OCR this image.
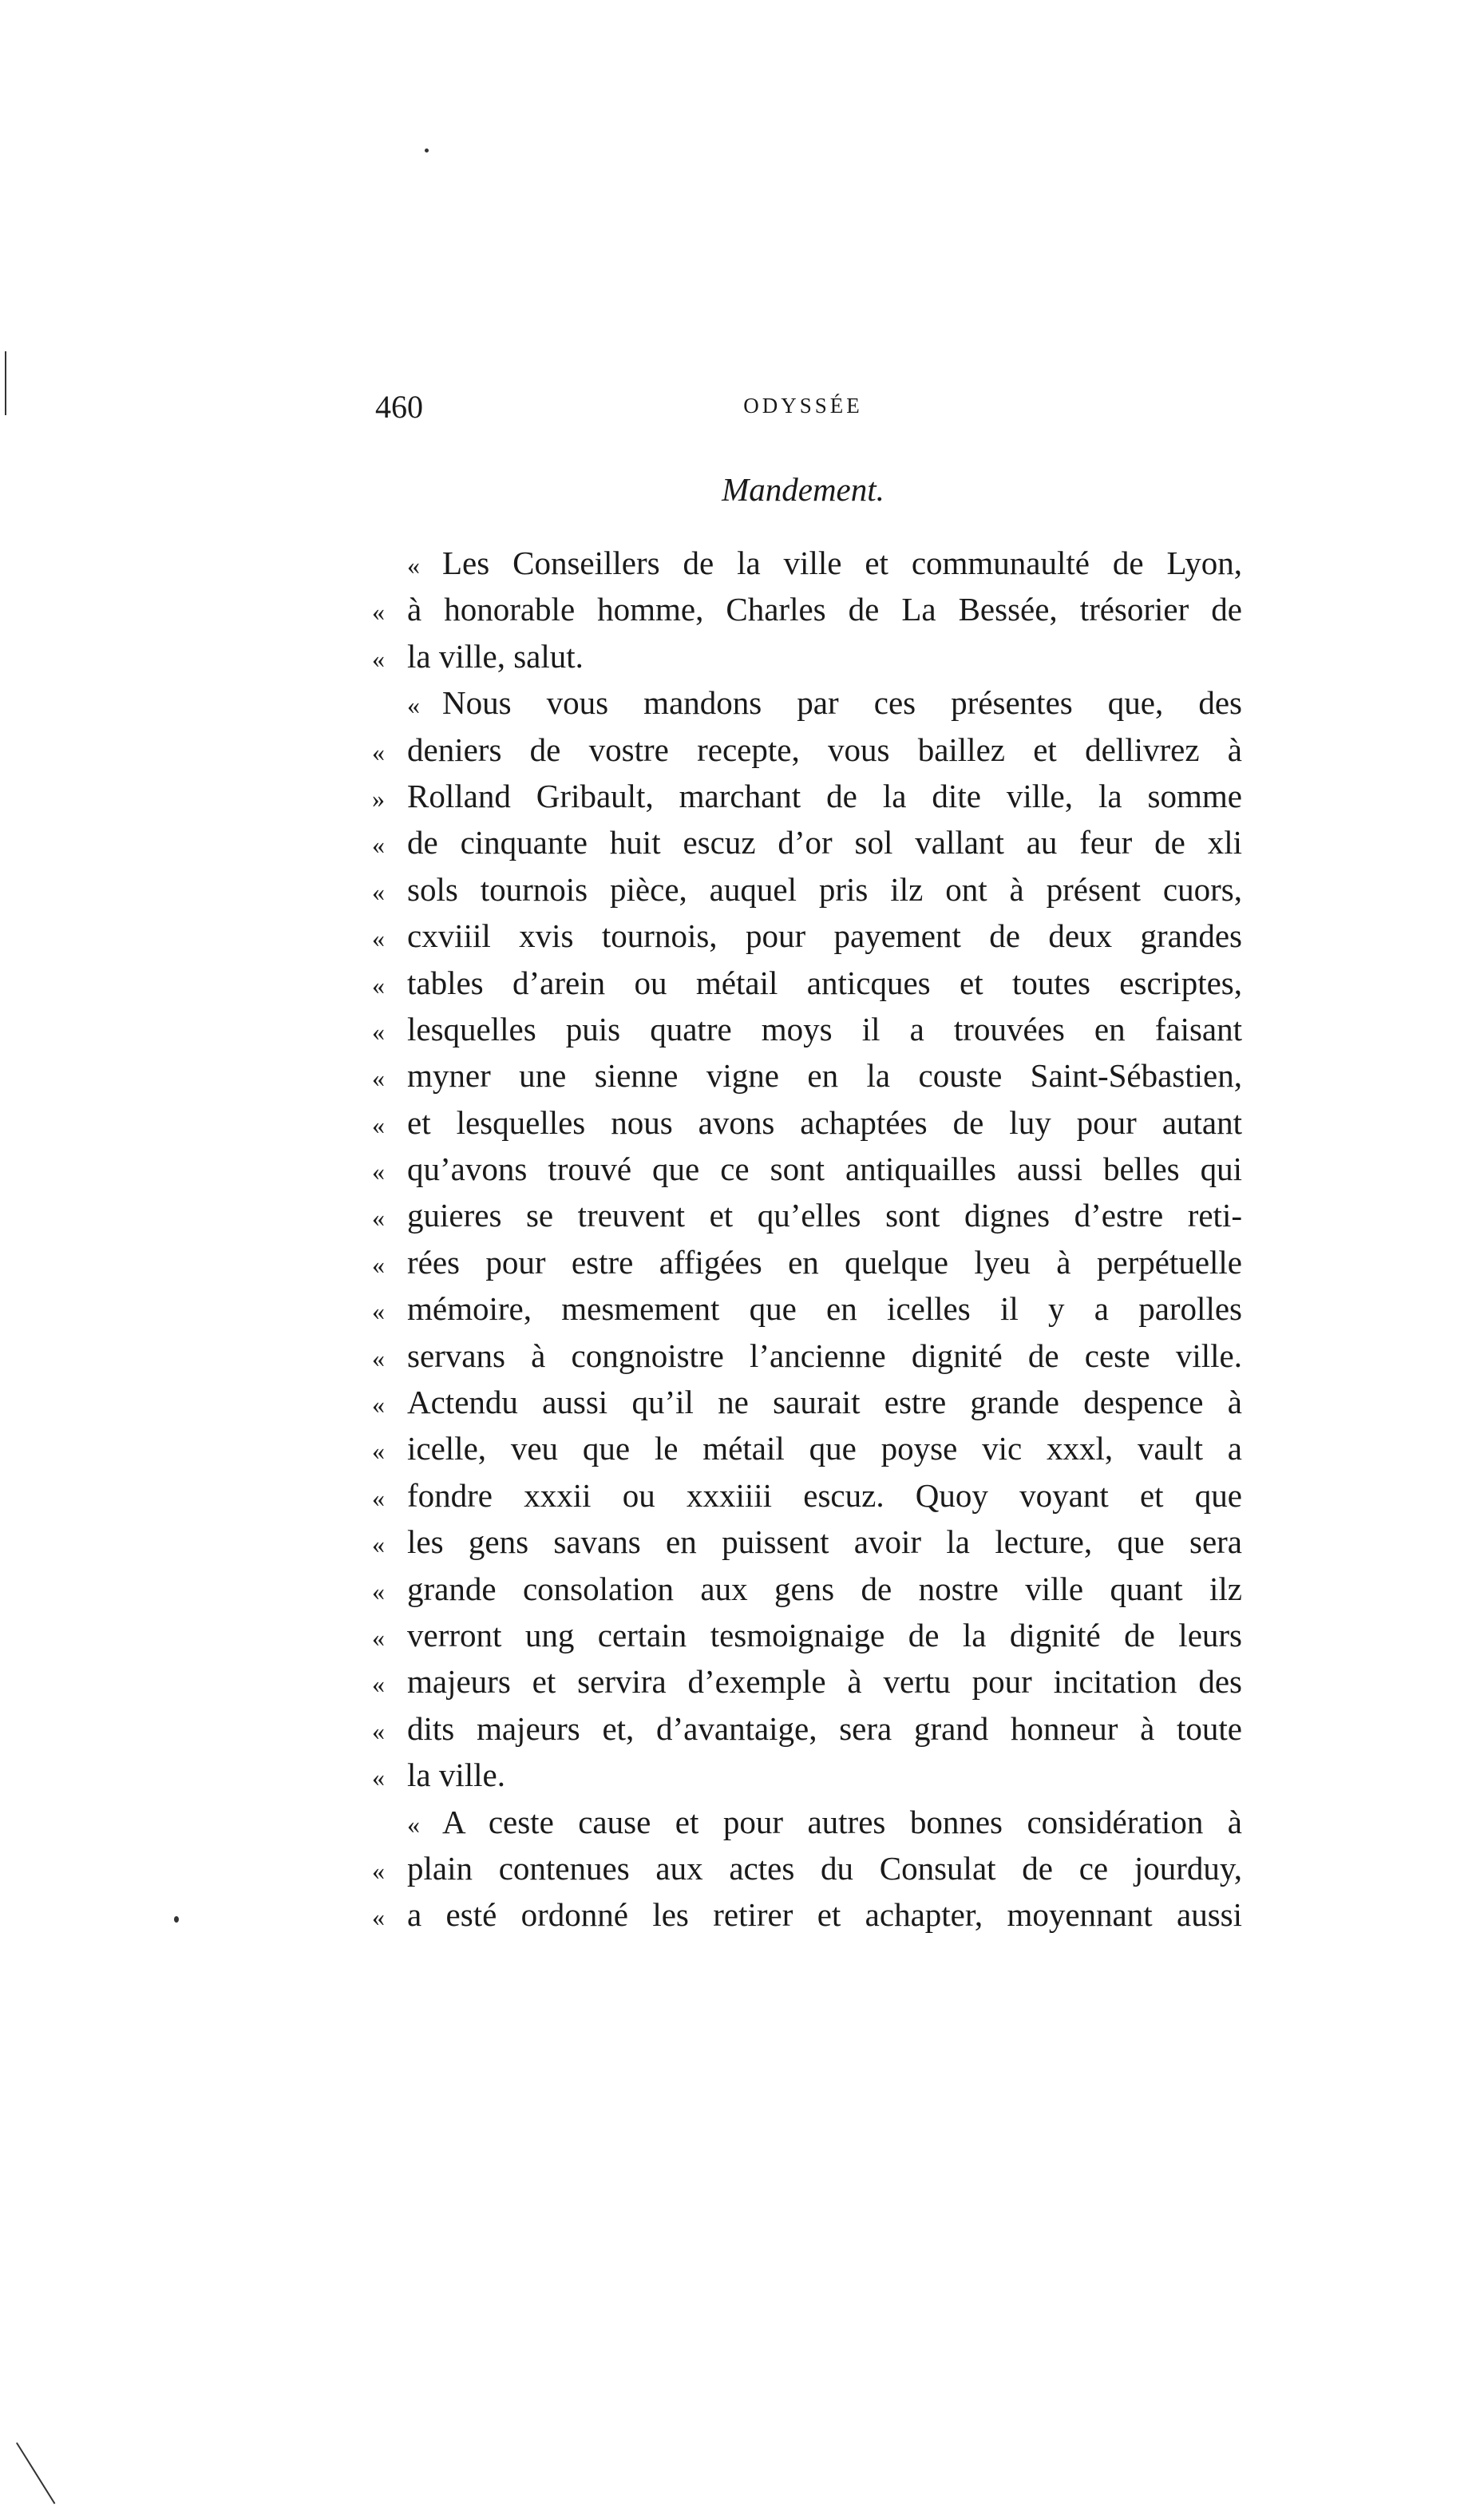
460	ODYSSÉE
Mandement.
« Les Conseillers de la ville et communaulté de Lyon,
« à honorable homme, Charles de La Bessée, trésorier de
« la ville, salut.
« Nous vous mandons par ces présentes que, des
« deniers de vostre recepte, vous baillez et dellivrez à
» Rolland Gribault, marchant de la dite ville, la somme
« de cinquante huit escuz d’or sol vallant au feur de xli
« sols tournois pièce, auquel pris ilz ont à présent cuors,
« cxviiil xvis tournois, pour payement de deux grandes
« tables d’arein ou métail anticques et toutes escriptes,
« lesquelles puis quatre moys il a trouvées en faisant
« myner une sienne vigne en la couste Saint-Sébastien,
« et lesquelles nous avons achaptées de luy pour autant
« qu’avons trouvé que ce sont antiquailles aussi belles qui
« guieres se treuvent et qu’elles sont dignes d’estre reti-
« rées pour estre affigées en quelque lyeu à perpétuelle
« mémoire, mesmement que en icelles il y a parolles
« servans à congnoistre l’ancienne dignité de ceste ville.
« Actendu aussi qu’il ne saurait estre grande despence à
« icelle, veu que le métail que poyse vic xxxl, vault a
« fondre xxxii ou xxxiiii escuz. Quoy voyant et que
« les gens savans en puissent avoir la lecture, que sera
« grande consolation aux gens de nostre ville quant ilz
« verront ung certain tesmoignaige de la dignité de leurs
« majeurs et servira d’exemple à vertu pour incitation des
« dits majeurs et, d’avantaige, sera grand honneur à toute
« la ville.
« A ceste cause et pour autres bonnes considération à
« plain contenues aux actes du Consulat de ce jourduy,
« a esté ordonné les retirer et achapter, moyennant aussi
